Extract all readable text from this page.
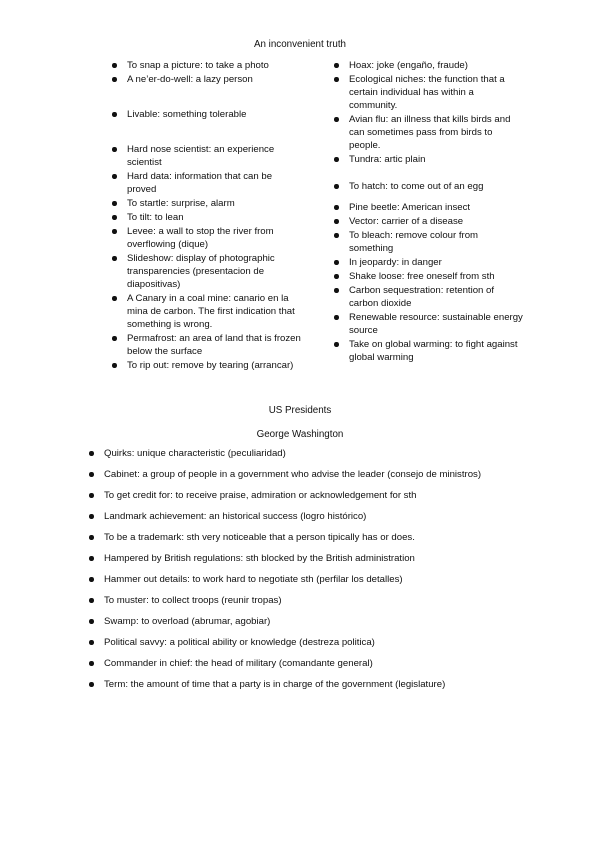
An inconvenient truth
To snap a picture: to take a photo
A ne’er-do-well: a lazy person
Livable: something tolerable
Hard nose scientist: an experience scientist
Hard data: information that can be proved
To startle: surprise, alarm
To tilt: to lean
Levee: a wall to stop the river from overflowing (dique)
Slideshow: display of photographic transparencies (presentacion de diapositivas)
A Canary in a coal mine: canario en la mina de carbon. The first indication that something is wrong.
Permafrost: an area of land that is frozen below the surface
To rip out: remove by tearing (arrancar)
Hoax: joke (engaño, fraude)
Ecological niches: the function that a certain individual has within a community.
Avian flu: an illness that kills birds and can sometimes pass from birds to people.
Tundra: artic plain
To hatch: to come out of an egg
Pine beetle: American insect
Vector: carrier of a disease
To bleach: remove colour from something
In jeopardy: in danger
Shake loose: free oneself from sth
Carbon sequestration: retention of carbon dioxide
Renewable resource: sustainable energy source
Take on global warming: to fight against global warming
US Presidents
George Washington
Quirks: unique characteristic (peculiaridad)
Cabinet: a group of people in a government who advise the leader (consejo de ministros)
To get credit for: to receive praise, admiration or acknowledgement for sth
Landmark achievement: an historical success (logro histórico)
To be a trademark: sth very noticeable that a person tipically has or does.
Hampered by British regulations: sth blocked by the British administration
Hammer out details: to work hard to negotiate sth (perfilar los detalles)
To muster: to collect troops (reunir tropas)
Swamp: to overload (abrumar, agobiar)
Political savvy: a political ability or knowledge (destreza politica)
Commander in chief: the head of military (comandante general)
Term: the amount of time that a party is in charge of the government (legislature)
